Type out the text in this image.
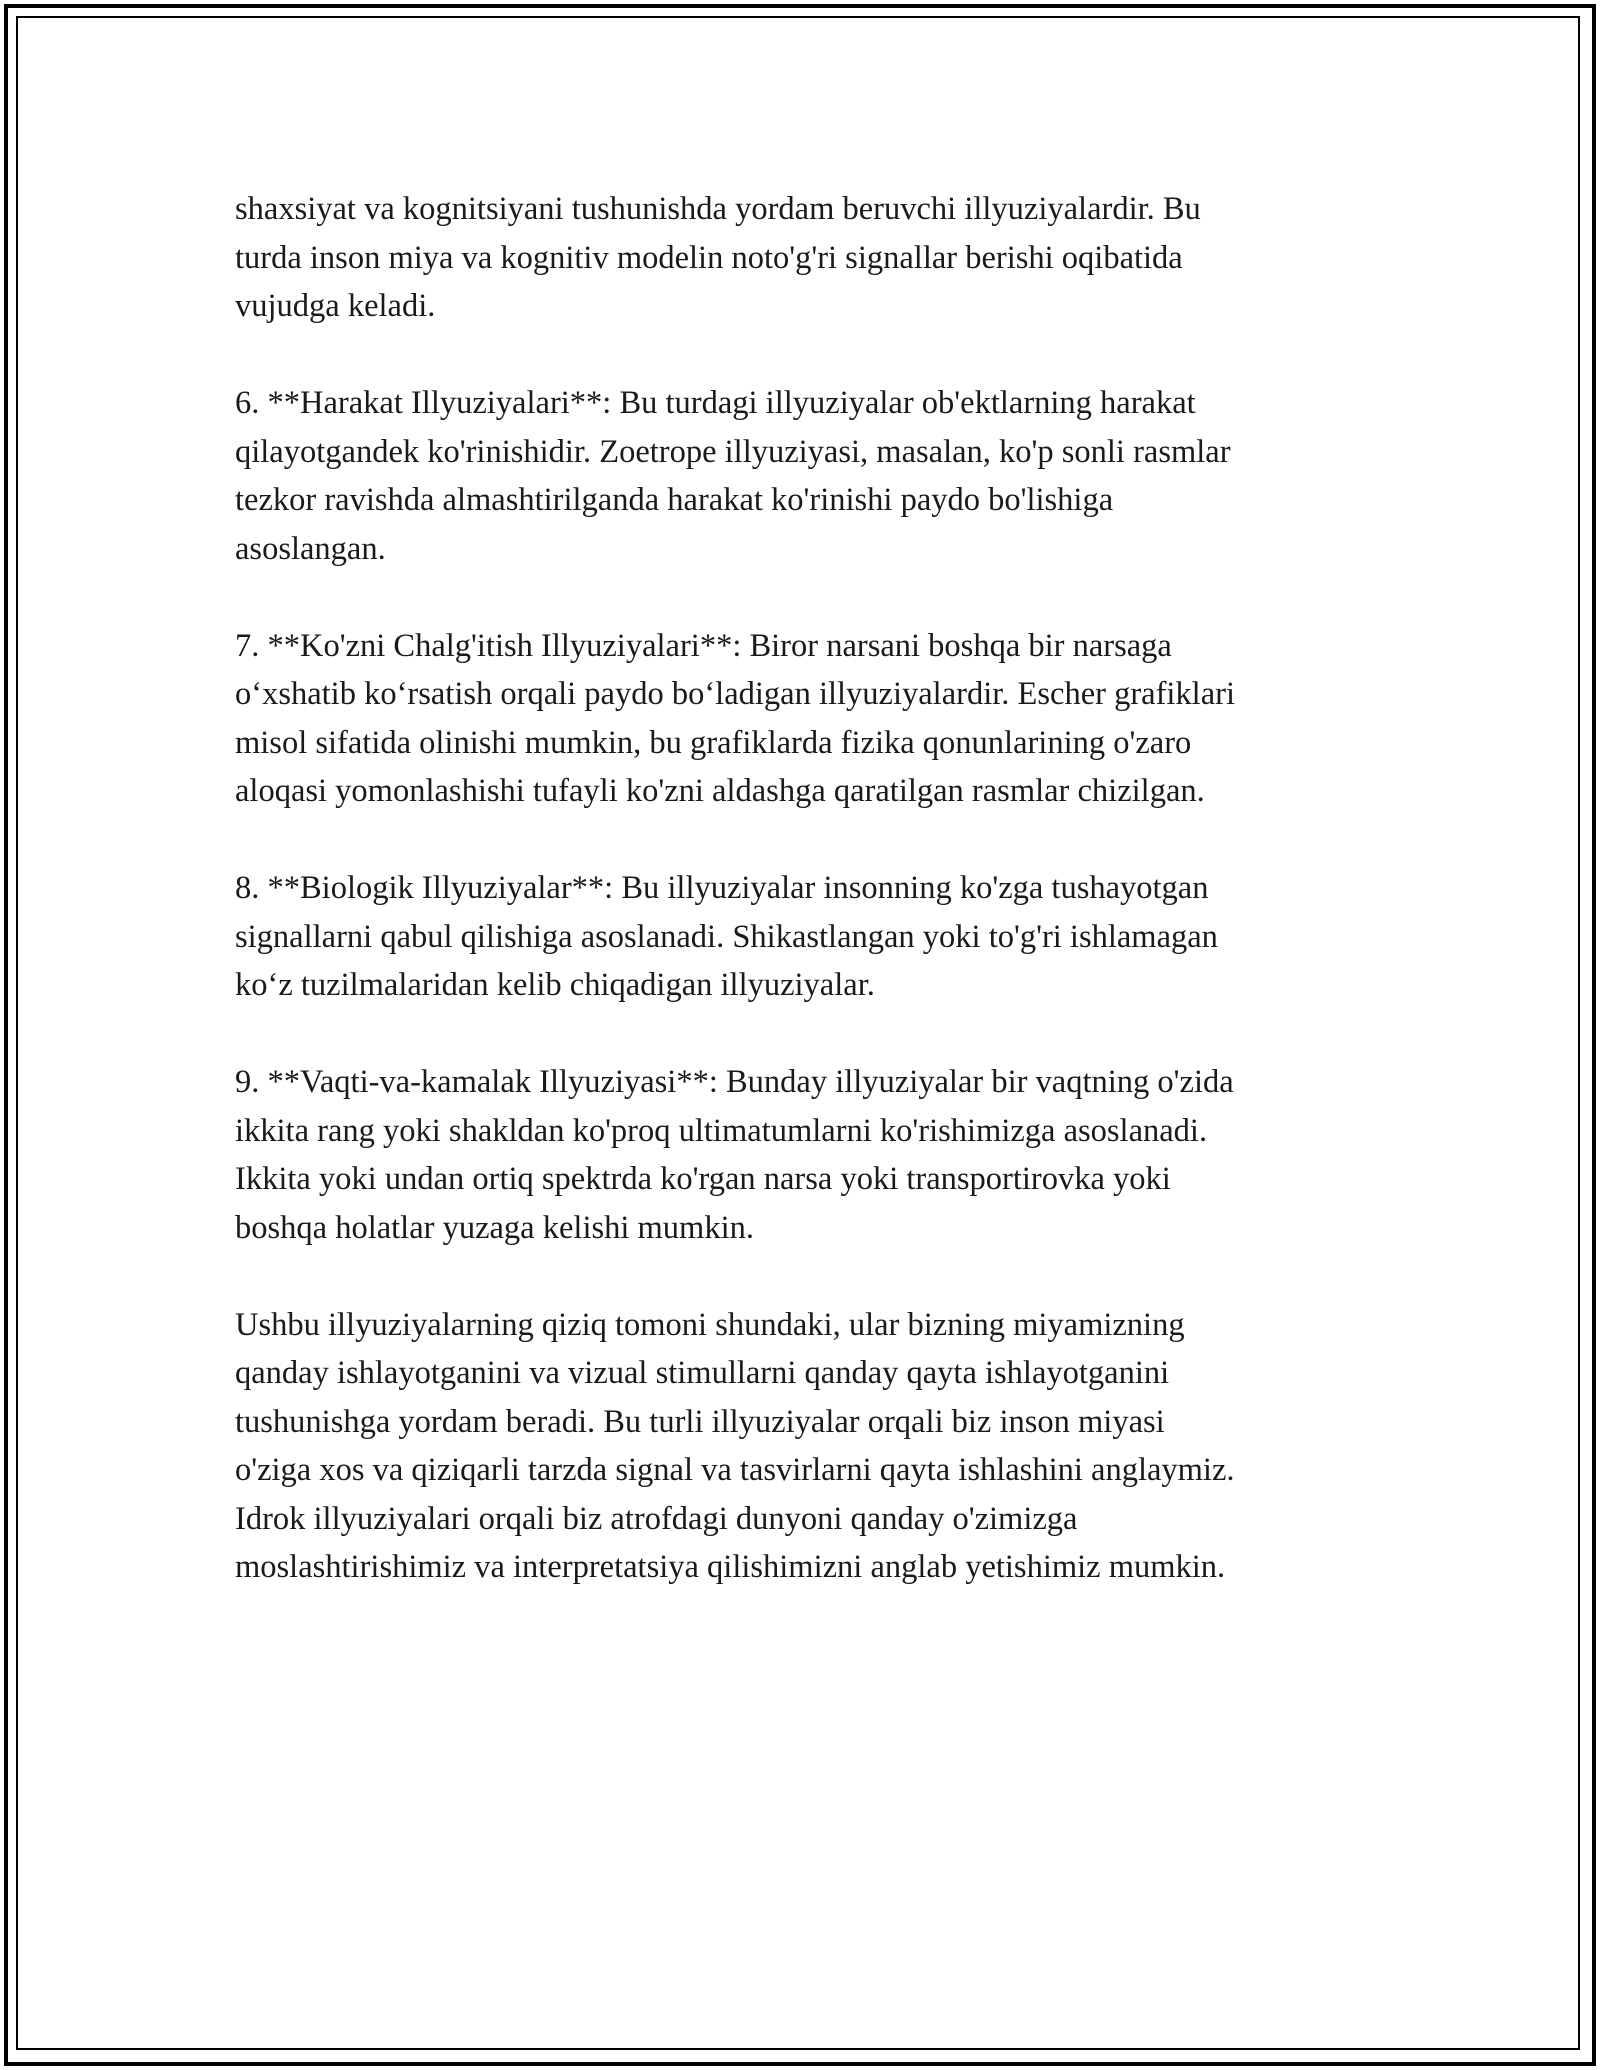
shaxsiyat va kognitsiyani tushunishda yordam beruvchi illyuziyalardir. Bu
turda inson miya va kognitiv modelin noto'g'ri signallar berishi oqibatida
vujudga keladi.

6. **Harakat Illyuziyalari**: Bu turdagi illyuziyalar ob'ektlarning harakat
qilayotgandek ko'rinishidir. Zoetrope illyuziyasi, masalan, ko'p sonli rasmlar
tezkor ravishda almashtirilganda harakat ko'rinishi paydo bo'lishiga
asoslangan.

7. **Ko'zni Chalg'itish Illyuziyalari**: Biror narsani boshqa bir narsaga
o‘xshatib ko‘rsatish orqali paydo bo‘ladigan illyuziyalardir. Escher grafiklari
misol sifatida olinishi mumkin, bu grafiklarda fizika qonunlarining o'zaro
aloqasi yomonlashishi tufayli ko'zni aldashga qaratilgan rasmlar chizilgan.

8. **Biologik Illyuziyalar**: Bu illyuziyalar insonning ko'zga tushayotgan
signallarni qabul qilishiga asoslanadi. Shikastlangan yoki to'g'ri ishlamagan
ko‘z tuzilmalaridan kelib chiqadigan illyuziyalar.

9. **Vaqti-va-kamalak Illyuziyasi**: Bunday illyuziyalar bir vaqtning o'zida
ikkita rang yoki shakldan ko'proq ultimatumlarni ko'rishimizga asoslanadi.
Ikkita yoki undan ortiq spektrda ko'rgan narsa yoki transportirovka yoki
boshqa holatlar yuzaga kelishi mumkin.

Ushbu illyuziyalarning qiziq tomoni shundaki, ular bizning miyamizning
qanday ishlayotganini va vizual stimullarni qanday qayta ishlayotganini
tushunishga yordam beradi. Bu turli illyuziyalar orqali biz inson miyasi
o'ziga xos va qiziqarli tarzda signal va tasvirlarni qayta ishlashini anglaymiz.
Idrok illyuziyalari orqali biz atrofdagi dunyoni qanday o'zimizga
moslashtirishimiz va interpretatsiya qilishimizni anglab yetishimiz mumkin.
